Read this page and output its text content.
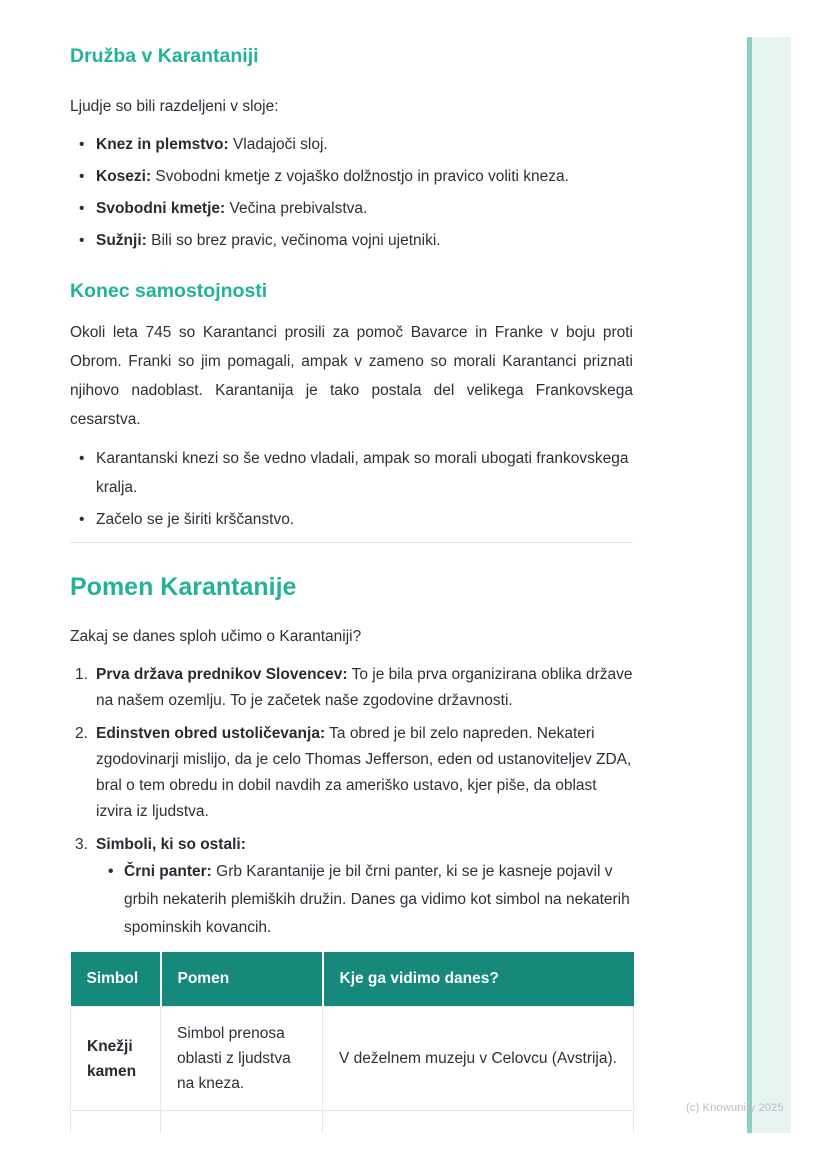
Družba v Karantaniji

Ljudje so bili razdeljeni v sloje:

• Knez in plemstvo: Vladajoči sloj.
• Kosezi: Svobodni kmetje z vojaško dolžnostjo in pravico voliti kneza.
• Svobodni kmetje: Večina prebivalstva.
• Sužnji: Bili so brez pravic, večinoma vojni ujetniki.
Konec samostojnosti

Okoli leta 745 so Karantanci prosili za pomoč Bavarce in Franke v boju proti Obrom. Franki so jim pomagali, ampak v zameno so morali Karantanci priznati njihovo nadoblast. Karantanija je tako postala del velikega Frankovskega cesarstva.

• Karantanski knezi so še vedno vladali, ampak so morali ubogati frankovskega kralja.
• Začelo se je širiti krščanstvo.
Pomen Karantanije

Zakaj se danes sploh učimo o Karantaniji?

Prva država prednikov Slovencev: To je bila prva organizirana oblika države na našem ozemlju. To je začetek naše zgodovine državnosti.
Edinstven obred ustoličevanja: Ta obred je bil zelo napreden. Nekateri zgodovinarji mislijo, da je celo Thomas Jefferson, eden od ustanoviteljev ZDA, bral o tem obredu in dobil navdih za ameriško ustavo, kjer piše, da oblast izvira iz ljudstva.
Simboli, ki so ostali:
• Črni panter: Grb Karantanije je bil črni panter, ki se je kasneje pojavil v grbih nekaterih plemiških družin. Danes ga vidimo kot simbol na nekaterih spominskih kovancih.
Simbol	Pomen	Kje ga vidimo danes?
Knežji kamen	Simbol prenosa oblasti z ljudstva na kneza.	V deželnem muzeju v Celovcu (Avstrija).

(c) Knowunity 2025
